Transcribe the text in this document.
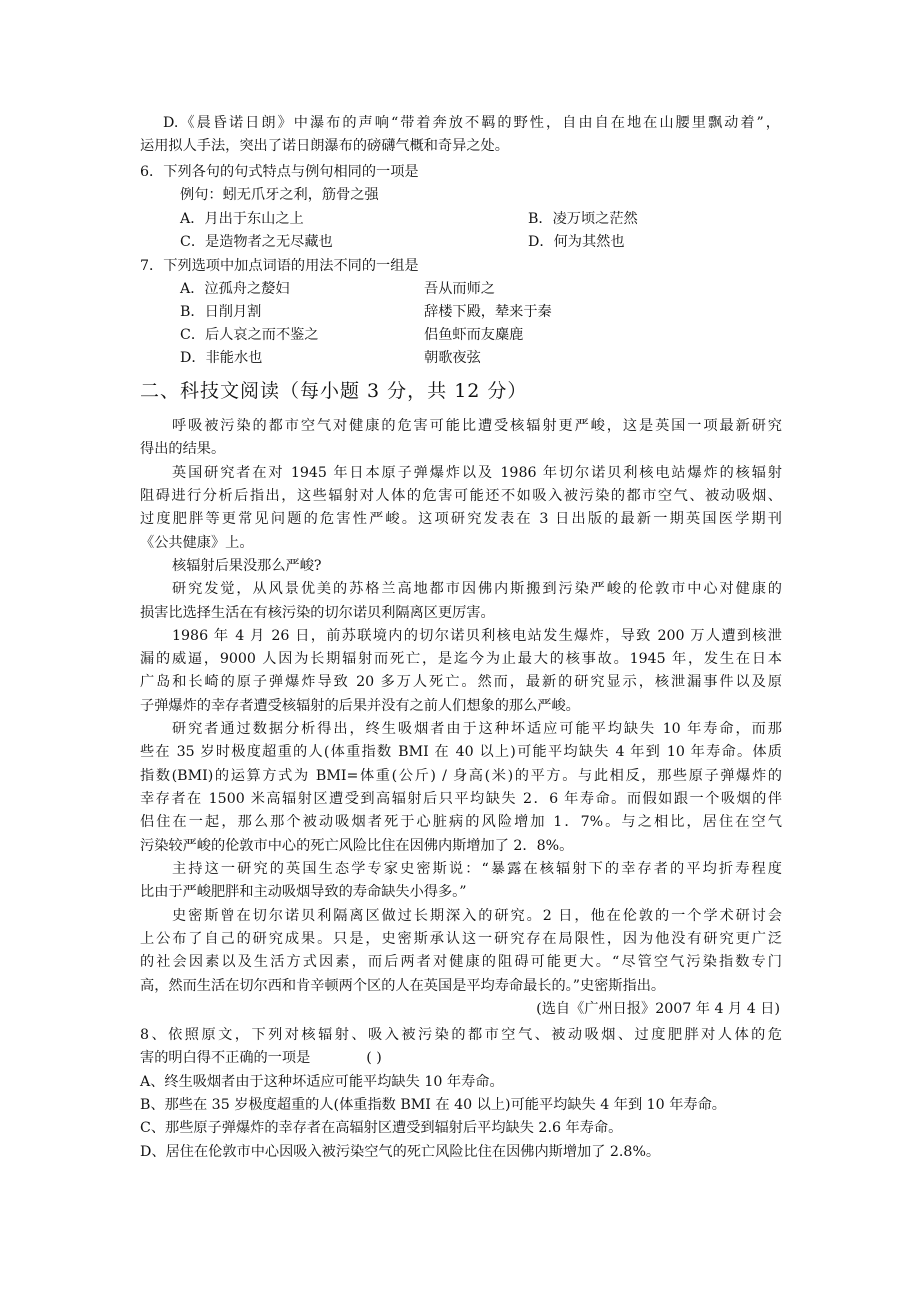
D.《晨昏诺日朗》中瀑布的声响“带着奔放不羁的野性，自由自在地在山腰里飘动着”，
运用拟人手法，突出了诺日朗瀑布的磅礴气概和奇异之处。
6．下列各句的句式特点与例句相同的一项是
例句：蚓无爪牙之利，筋骨之强
A．月出于东山之上	B．凌万顷之茫然
C．是造物者之无尽藏也	D．何为其然也
7．下列选项中加点词语的用法不同的一组是
A．泣孤舟之嫠妇	吾从而师之
B．日削月割	辞楼下殿，辇来于秦
C．后人哀之而不鉴之	侣鱼虾而友麋鹿
D．非能水也	朝歌夜弦
二、科技文阅读（每小题 3 分，共 12 分）
呼吸被污染的都市空气对健康的危害可能比遭受核辐射更严峻，这是英国一项最新研究
得出的结果。
英国研究者在对 1945 年日本原子弹爆炸以及 1986 年切尔诺贝利核电站爆炸的核辐射
阻碍进行分析后指出，这些辐射对人体的危害可能还不如吸入被污染的都市空气、被动吸烟、
过度肥胖等更常见问题的危害性严峻。这项研究发表在 3 日出版的最新一期英国医学期刊
《公共健康》上。
核辐射后果没那么严峻?
研究发觉，从风景优美的苏格兰高地都市因佛内斯搬到污染严峻的伦敦市中心对健康的
损害比选择生活在有核污染的切尔诺贝利隔离区更厉害。
1986 年 4 月 26 日，前苏联境内的切尔诺贝利核电站发生爆炸，导致 200 万人遭到核泄
漏的威逼，9000 人因为长期辐射而死亡，是迄今为止最大的核事故。1945 年，发生在日本
广岛和长崎的原子弹爆炸导致 20 多万人死亡。然而，最新的研究显示，核泄漏事件以及原
子弹爆炸的幸存者遭受核辐射的后果并没有之前人们想象的那么严峻。
研究者通过数据分析得出，终生吸烟者由于这种坏适应可能平均缺失 10 年寿命，而那
些在 35 岁时极度超重的人(体重指数 BMI 在 40 以上)可能平均缺失 4 年到 10 年寿命。体质
指数(BMI)的运算方式为 BMI=体重(公斤) / 身高(米)的平方。与此相反，那些原子弹爆炸的
幸存者在 1500 米高辐射区遭受到高辐射后只平均缺失 2．6 年寿命。而假如跟一个吸烟的伴
侣住在一起，那么那个被动吸烟者死于心脏病的风险增加 1．7%。与之相比，居住在空气
污染较严峻的伦敦市中心的死亡风险比住在因佛内斯增加了 2．8%。
主持这一研究的英国生态学专家史密斯说：“暴露在核辐射下的幸存者的平均折寿程度
比由于严峻肥胖和主动吸烟导致的寿命缺失小得多。”
史密斯曾在切尔诺贝利隔离区做过长期深入的研究。2 日，他在伦敦的一个学术研讨会
上公布了自己的研究成果。只是，史密斯承认这一研究存在局限性，因为他没有研究更广泛
的社会因素以及生活方式因素，而后两者对健康的阻碍可能更大。“尽管空气污染指数专门
高，然而生活在切尔西和肯辛顿两个区的人在英国是平均寿命最长的。”史密斯指出。
(选自《广州日报》2007 年 4 月 4 日)
8、依照原文，下列对核辐射、吸入被污染的都市空气、被动吸烟、过度肥胖对人体的危
害的明白得不正确的一项是	( )
A、终生吸烟者由于这种坏适应可能平均缺失 10 年寿命。
B、那些在 35 岁极度超重的人(体重指数 BMI 在 40 以上)可能平均缺失 4 年到 10 年寿命。
C、那些原子弹爆炸的幸存者在高辐射区遭受到辐射后平均缺失 2.6 年寿命。
D、居住在伦敦市中心因吸入被污染空气的死亡风险比住在因佛内斯增加了 2.8%。
